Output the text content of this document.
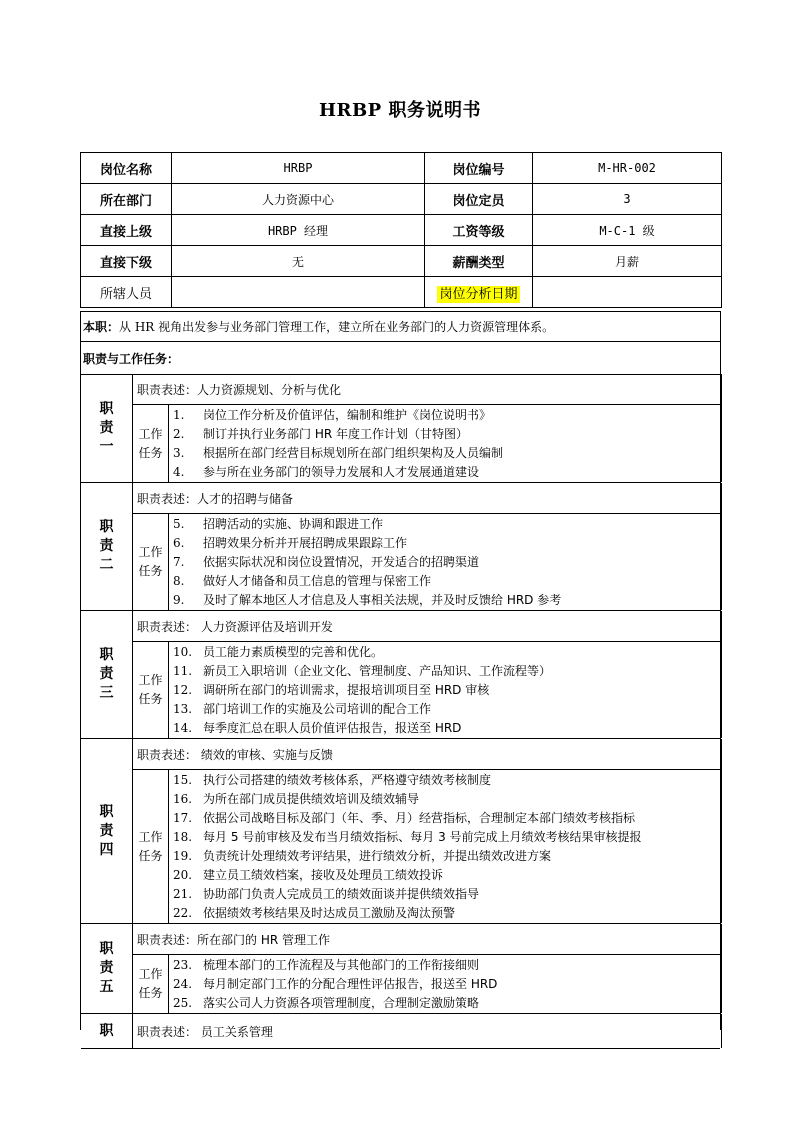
HRBP 职务说明书
岗位名称	HRBP	岗位编号	M-HR-002
所在部门	人力资源中心	岗位定员	3
直接上级	HRBP 经理	工资等级	M-C-1 级
直接下级	无	薪酬类型	月薪
所辖人员		岗位分析日期	
本职： 从 HR 视角出发参与业务部门管理工作，建立所在业务部门的人力资源管理体系。
职责与工作任务：
职责一
职责表述：人力资源规划、分析与优化
工作任务
1. 岗位工作分析及价值评估，编制和维护《岗位说明书》
2. 制订并执行业务部门 HR 年度工作计划（甘特图）
3. 根据所在部门经营目标规划所在部门组织架构及人员编制
4. 参与所在业务部门的领导力发展和人才发展通道建设
职责二
职责表述：人才的招聘与储备
工作任务
5. 招聘活动的实施、协调和跟进工作
6. 招聘效果分析并开展招聘成果跟踪工作
7. 依据实际状况和岗位设置情况，开发适合的招聘渠道
8. 做好人才储备和员工信息的管理与保密工作
9. 及时了解本地区人才信息及人事相关法规，并及时反馈给 HRD 参考
职责三
职责表述： 人力资源评估及培训开发
工作任务
10. 员工能力素质模型的完善和优化。
11. 新员工入职培训（企业文化、管理制度、产品知识、工作流程等）
12. 调研所在部门的培训需求，提报培训项目至 HRD 审核
13. 部门培训工作的实施及公司培训的配合工作
14. 每季度汇总在职人员价值评估报告，报送至 HRD
职责四
职责表述： 绩效的审核、实施与反馈
工作任务
15. 执行公司搭建的绩效考核体系，严格遵守绩效考核制度
16. 为所在部门成员提供绩效培训及绩效辅导
17. 依据公司战略目标及部门（年、季、月）经营指标，合理制定本部门绩效考核指标
18. 每月 5 号前审核及发布当月绩效指标、每月 3 号前完成上月绩效考核结果审核提报
19. 负责统计处理绩效考评结果，进行绩效分析，并提出绩效改进方案
20. 建立员工绩效档案，接收及处理员工绩效投诉
21. 协助部门负责人完成员工的绩效面谈并提供绩效指导
22. 依据绩效考核结果及时达成员工激励及淘汰预警
职责五
职责表述：所在部门的 HR 管理工作
工作任务
23. 梳理本部门的工作流程及与其他部门的工作衔接细则
24. 每月制定部门工作的分配合理性评估报告，报送至 HRD
25. 落实公司人力资源各项管理制度，合理制定激励策略
职	职责表述： 员工关系管理
